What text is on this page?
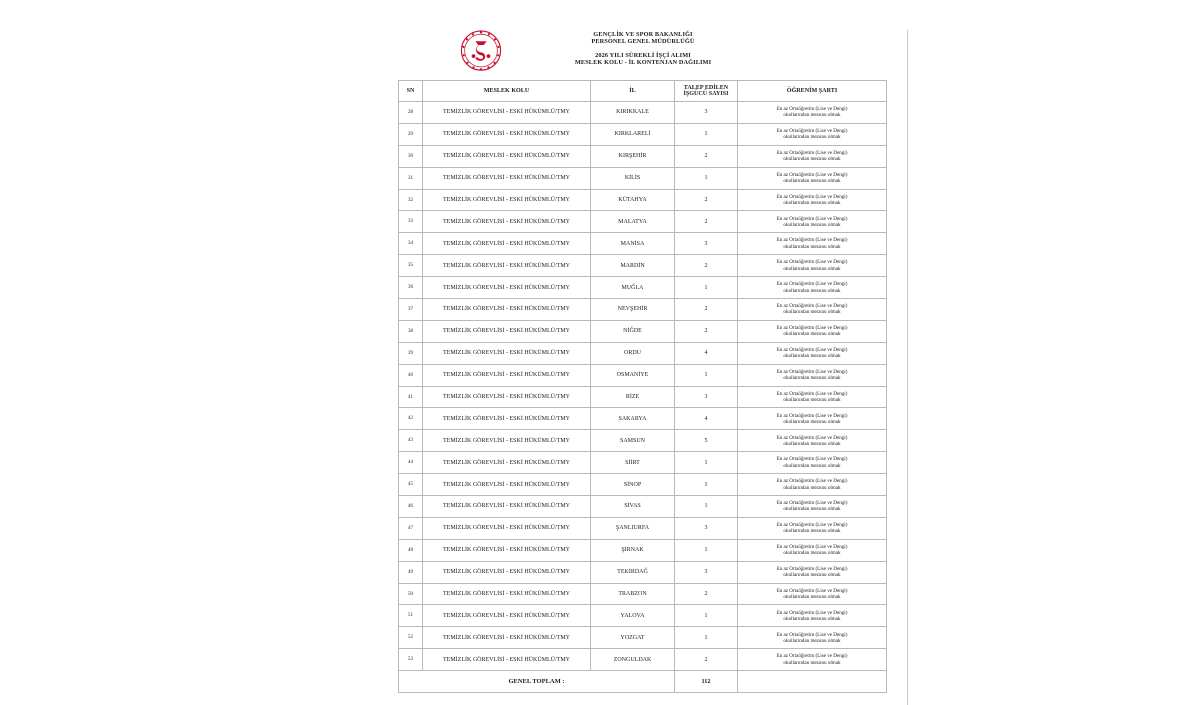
GENÇLİK VE SPOR BAKANLIĞI
PERSONEL GENEL MÜDÜRLÜĞÜ
2026 YILI SÜREKLİ İŞÇİ ALIMI
MESLEK KOLU - İL KONTENJAN DAĞILIMI
SN	MESLEK KOLU	İL	TALEP EDİLEN
İŞGÜCÜ SAYISI	ÖĞRENİM ŞARTI
28	TEMİZLİK GÖREVLİSİ - ESKİ HÜKÜMLÜ/TMY	KIRIKKALE	3	En az Ortaöğretim (Lise ve Dengi)
okullarından mezunu olmak

29	TEMİZLİK GÖREVLİSİ - ESKİ HÜKÜMLÜ/TMY	KIRKLARELİ	1	En az Ortaöğretim (Lise ve Dengi)
okullarından mezunu olmak

30	TEMİZLİK GÖREVLİSİ - ESKİ HÜKÜMLÜ/TMY	KIRŞEHİR	2	En az Ortaöğretim (Lise ve Dengi)
okullarından mezunu olmak

31	TEMİZLİK GÖREVLİSİ - ESKİ HÜKÜMLÜ/TMY	KİLİS	1	En az Ortaöğretim (Lise ve Dengi)
okullarından mezunu olmak

32	TEMİZLİK GÖREVLİSİ - ESKİ HÜKÜMLÜ/TMY	KÜTAHYA	2	En az Ortaöğretim (Lise ve Dengi)
okullarından mezunu olmak

33	TEMİZLİK GÖREVLİSİ - ESKİ HÜKÜMLÜ/TMY	MALATYA	2	En az Ortaöğretim (Lise ve Dengi)
okullarından mezunu olmak

34	TEMİZLİK GÖREVLİSİ - ESKİ HÜKÜMLÜ/TMY	MANİSA	3	En az Ortaöğretim (Lise ve Dengi)
okullarından mezunu olmak

35	TEMİZLİK GÖREVLİSİ - ESKİ HÜKÜMLÜ/TMY	MARDİN	2	En az Ortaöğretim (Lise ve Dengi)
okullarından mezunu olmak

36	TEMİZLİK GÖREVLİSİ - ESKİ HÜKÜMLÜ/TMY	MUĞLA	1	En az Ortaöğretim (Lise ve Dengi)
okullarından mezunu olmak

37	TEMİZLİK GÖREVLİSİ - ESKİ HÜKÜMLÜ/TMY	NEVŞEHİR	2	En az Ortaöğretim (Lise ve Dengi)
okullarından mezunu olmak

38	TEMİZLİK GÖREVLİSİ - ESKİ HÜKÜMLÜ/TMY	NİĞDE	2	En az Ortaöğretim (Lise ve Dengi)
okullarından mezunu olmak

39	TEMİZLİK GÖREVLİSİ - ESKİ HÜKÜMLÜ/TMY	ORDU	4	En az Ortaöğretim (Lise ve Dengi)
okullarından mezunu olmak

40	TEMİZLİK GÖREVLİSİ - ESKİ HÜKÜMLÜ/TMY	OSMANİYE	1	En az Ortaöğretim (Lise ve Dengi)
okullarından mezunu olmak

41	TEMİZLİK GÖREVLİSİ - ESKİ HÜKÜMLÜ/TMY	RİZE	3	En az Ortaöğretim (Lise ve Dengi)
okullarından mezunu olmak

42	TEMİZLİK GÖREVLİSİ - ESKİ HÜKÜMLÜ/TMY	SAKARYA	4	En az Ortaöğretim (Lise ve Dengi)
okullarından mezunu olmak

43	TEMİZLİK GÖREVLİSİ - ESKİ HÜKÜMLÜ/TMY	SAMSUN	5	En az Ortaöğretim (Lise ve Dengi)
okullarından mezunu olmak

44	TEMİZLİK GÖREVLİSİ - ESKİ HÜKÜMLÜ/TMY	SİİRT	1	En az Ortaöğretim (Lise ve Dengi)
okullarından mezunu olmak

45	TEMİZLİK GÖREVLİSİ - ESKİ HÜKÜMLÜ/TMY	SİNOP	1	En az Ortaöğretim (Lise ve Dengi)
okullarından mezunu olmak

46	TEMİZLİK GÖREVLİSİ - ESKİ HÜKÜMLÜ/TMY	SİVAS	1	En az Ortaöğretim (Lise ve Dengi)
okullarından mezunu olmak

47	TEMİZLİK GÖREVLİSİ - ESKİ HÜKÜMLÜ/TMY	ŞANLIURFA	3	En az Ortaöğretim (Lise ve Dengi)
okullarından mezunu olmak

48	TEMİZLİK GÖREVLİSİ - ESKİ HÜKÜMLÜ/TMY	ŞIRNAK	1	En az Ortaöğretim (Lise ve Dengi)
okullarından mezunu olmak

49	TEMİZLİK GÖREVLİSİ - ESKİ HÜKÜMLÜ/TMY	TEKİRDAĞ	3	En az Ortaöğretim (Lise ve Dengi)
okullarından mezunu olmak

50	TEMİZLİK GÖREVLİSİ - ESKİ HÜKÜMLÜ/TMY	TRABZON	2	En az Ortaöğretim (Lise ve Dengi)
okullarından mezunu olmak

51	TEMİZLİK GÖREVLİSİ - ESKİ HÜKÜMLÜ/TMY	YALOVA	1	En az Ortaöğretim (Lise ve Dengi)
okullarından mezunu olmak

52	TEMİZLİK GÖREVLİSİ - ESKİ HÜKÜMLÜ/TMY	YOZGAT	1	En az Ortaöğretim (Lise ve Dengi)
okullarından mezunu olmak

53	TEMİZLİK GÖREVLİSİ - ESKİ HÜKÜMLÜ/TMY	ZONGULDAK	2	En az Ortaöğretim (Lise ve Dengi)
okullarından mezunu olmak

GENEL TOPLAM :			112	
